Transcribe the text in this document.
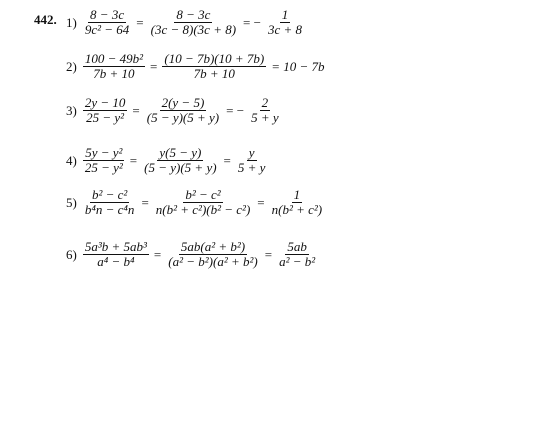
442. $1) \frac{8 - 3c}{\text{9c² − 64}} = \frac{8 - 3c}{(3c - 8)(3c + 8)}$ = − $\frac{1}{3c + 8}$
$2) \frac{\text{100 − 49b²}}{7b + 10} = \frac{(10 - 7b)(10 + 7b)}{7b + 10} = 10 - 7b$
$3) \frac{2y - 10}{\text{25 − y²}} = \frac{2(y - 5)}{(5 - y)(5 + y)}$ = − $\frac{2}{5 + y}$
$4) \frac{\text{5y − y²}}{\text{25 − y²}} = \frac{y(5 - y)}{(5 - y)(5 + y)} = \frac{y}{5 + y}$
$5) \frac{\text{b² − c²}}{\text{b⁴n − c⁴n}} = \frac{\text{b² − c²}}{\text{n(b² + c²)(b² − c²)}} = \frac{1}{\text{n(b² + c²)}}$
$6) \frac{\text{5a³b + 5ab³}}{\text{a⁴ − b⁴}} = \frac{\text{5ab(a² + b²)}}{\text{(a² − b²)(a² + b²)}} = \frac{5ab}{\text{a² − b²}}$
